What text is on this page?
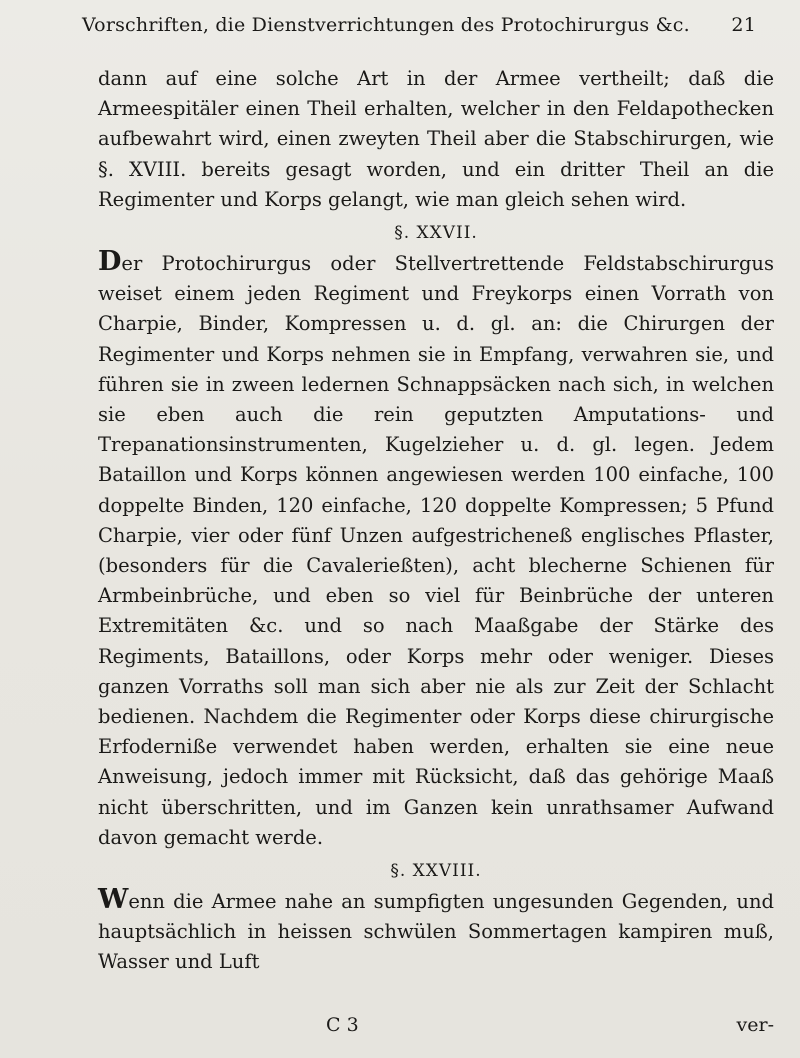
Vorschriften, die Dienstverrichtungen des Protochirurgus &c. 21

dann auf eine solche Art in der Armee vertheilt; daß die Armeespitäler einen Theil erhalten, welcher in den Feldapothecken aufbewahrt wird, einen zweyten Theil aber die Stabschirurgen, wie §. XVIII. bereits gesagt worden, und ein dritter Theil an die Regimenter und Korps gelangt, wie man gleich sehen wird.

§. XXVII.

Der Protochirurgus oder Stellvertrettende Feldstabschirurgus weiset einem jeden Regiment und Freykorps einen Vorrath von Charpie, Binder, Kompressen u. d. gl. an: die Chirurgen der Regimenter und Korps nehmen sie in Empfang, verwahren sie, und führen sie in zween ledernen Schnappsäcken nach sich, in welchen sie eben auch die rein geputzten Amputations- und Trepanationsinstrumenten, Kugelzieher u. d. gl. legen. Jedem Bataillon und Korps können angewiesen werden 100 einfache, 100 doppelte Binden, 120 einfache, 120 doppelte Kompressen; 5 Pfund Charpie, vier oder fünf Unzen aufgestricheneß englisches Pflaster, (besonders für die Cavalerießten), acht blecherne Schienen für Armbeinbrüche, und eben so viel für Beinbrüche der unteren Extremitäten &c. und so nach Maaßgabe der Stärke des Regiments, Bataillons, oder Korps mehr oder weniger. Dieses ganzen Vorraths soll man sich aber nie als zur Zeit der Schlacht bedienen. Nachdem die Regimenter oder Korps diese chirurgische Erfoderniße verwendet haben werden, erhalten sie eine neue Anweisung, jedoch immer mit Rücksicht, daß das gehörige Maaß nicht überschritten, und im Ganzen kein unrathsamer Aufwand davon gemacht werde.

§. XXVIII.

Wenn die Armee nahe an sumpfigten ungesunden Gegenden, und hauptsächlich in heissen schwülen Sommertagen kampiren muß, Wasser und Luft

C 3	ver-
